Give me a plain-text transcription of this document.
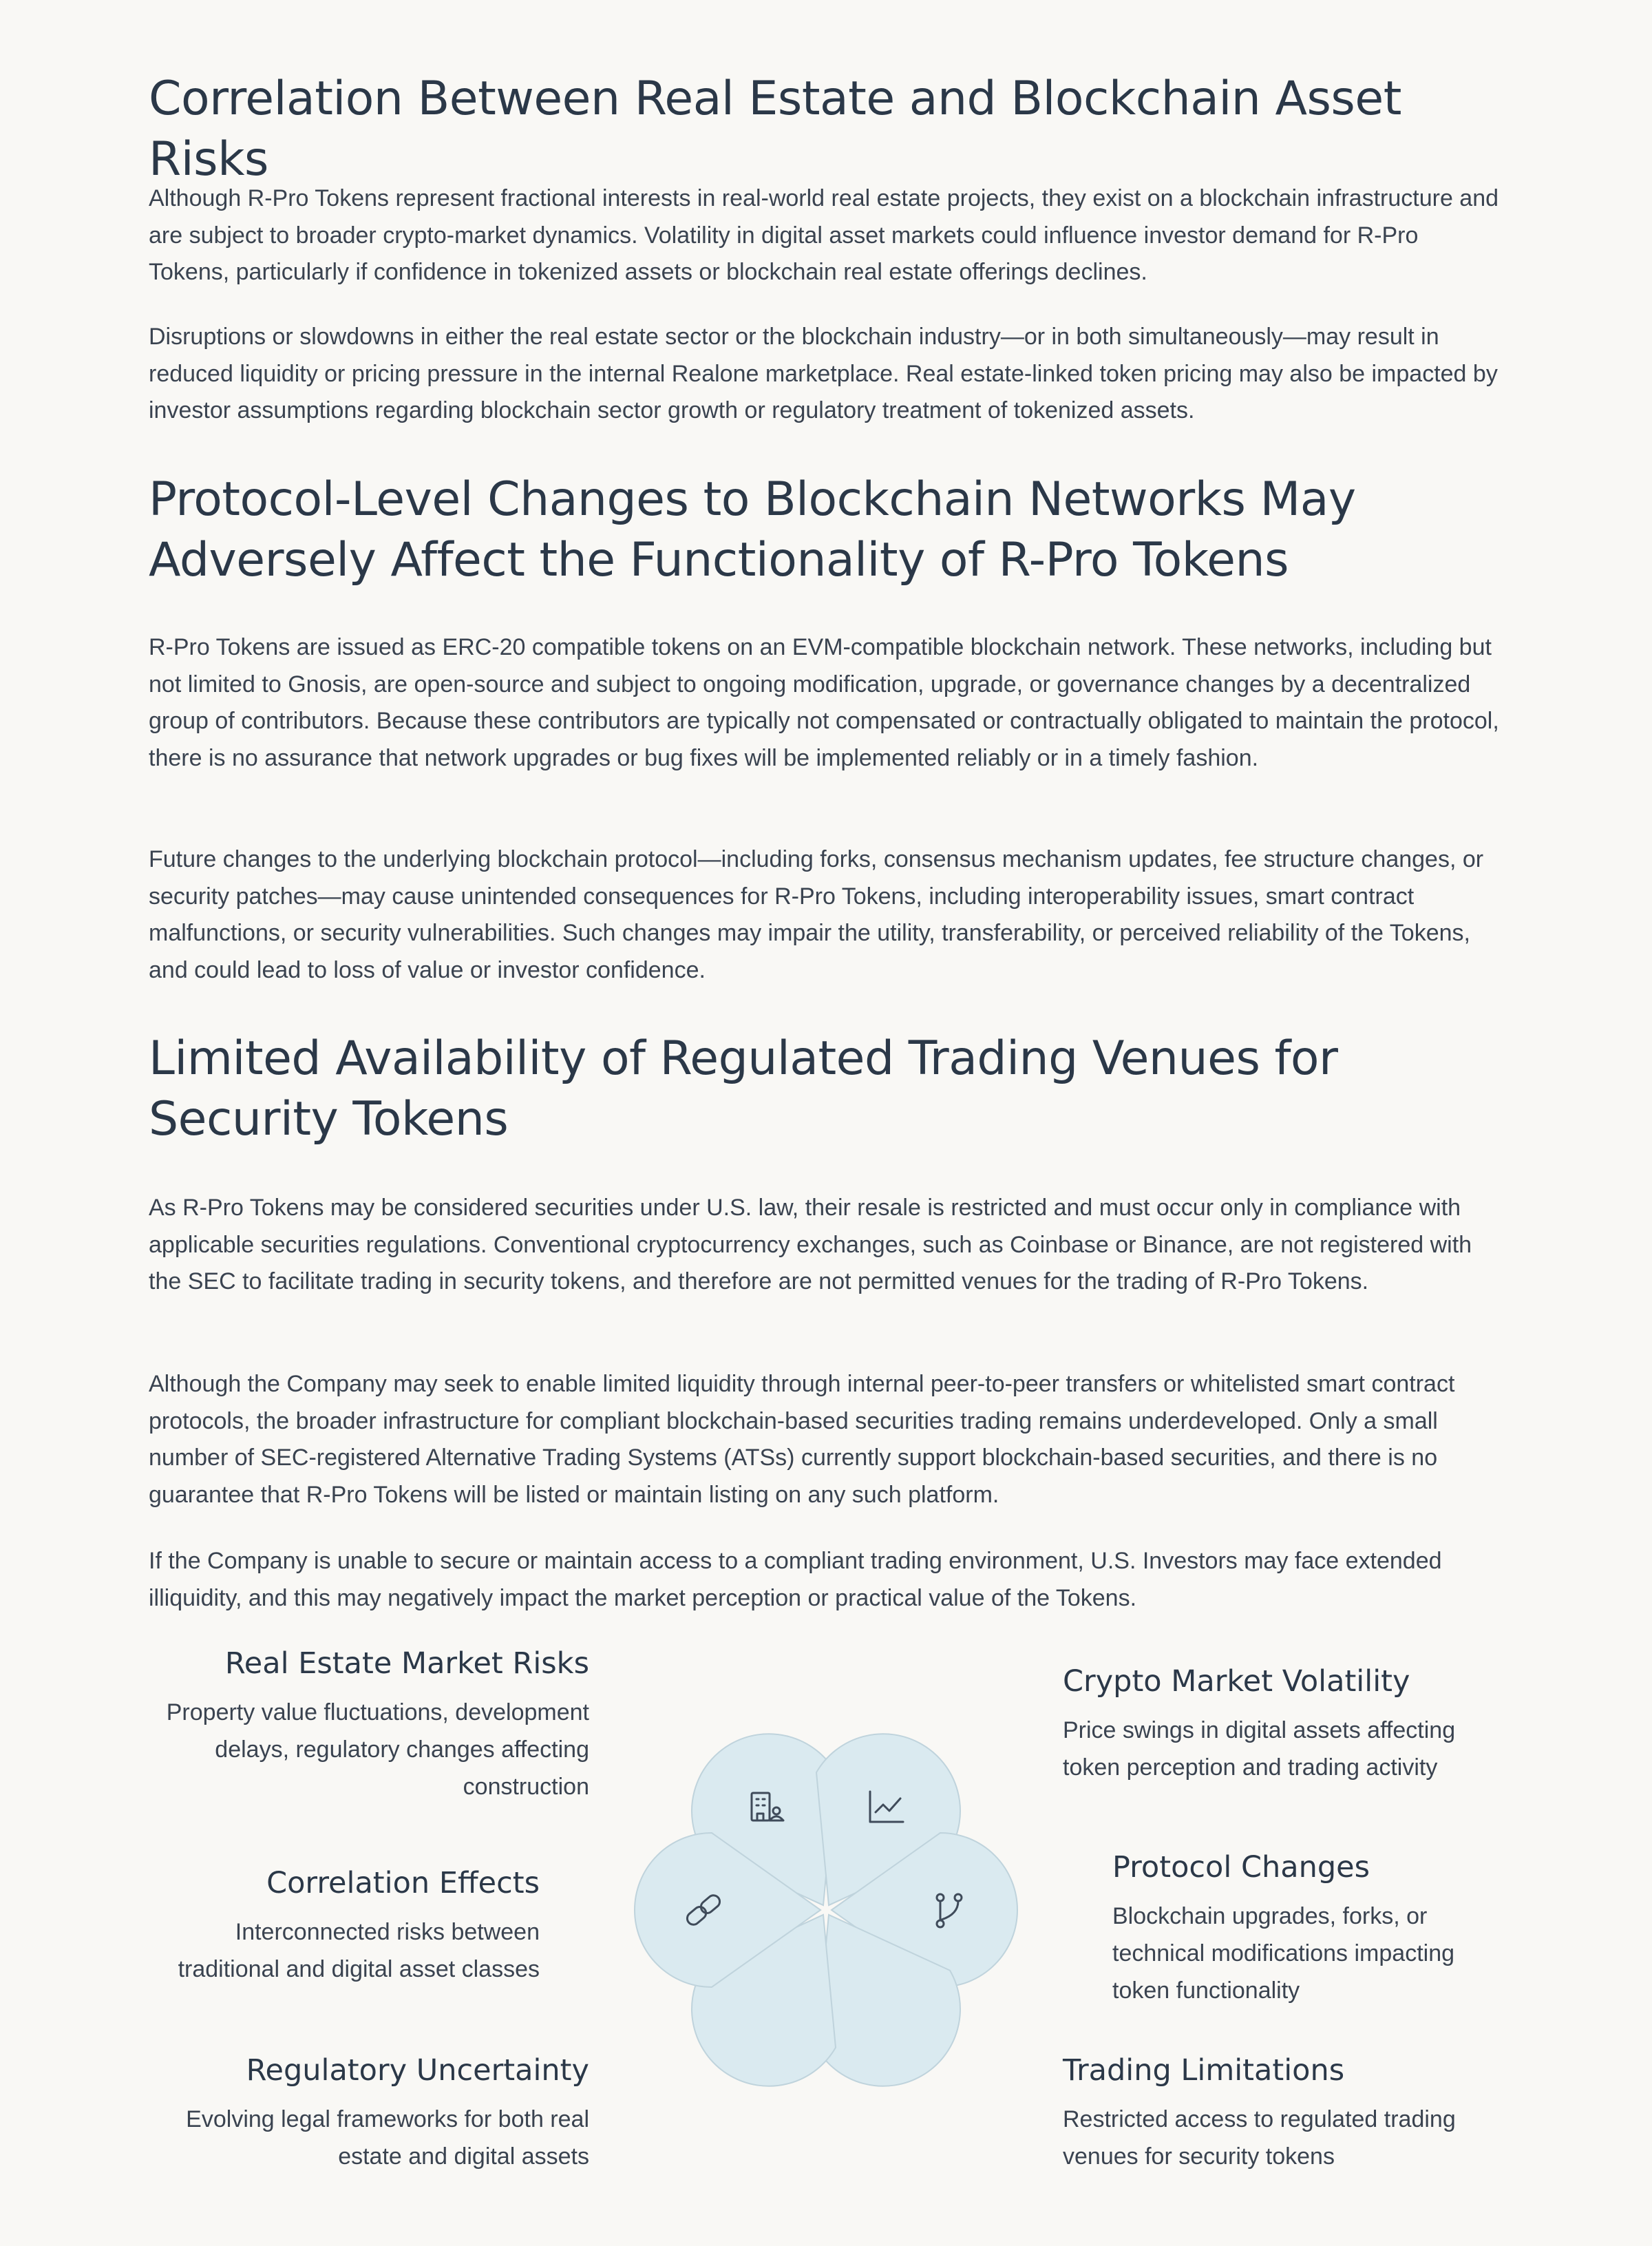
Correlation Between Real Estate and Blockchain Asset Risks

Although R-Pro Tokens represent fractional interests in real-world real estate projects, they exist on a blockchain infrastructure and are subject to broader crypto-market dynamics. Volatility in digital asset markets could influence investor demand for R-Pro Tokens, particularly if confidence in tokenized assets or blockchain real estate offerings declines.

Disruptions or slowdowns in either the real estate sector or the blockchain industry—or in both simultaneously—may result in reduced liquidity or pricing pressure in the internal Realone marketplace. Real estate-linked token pricing may also be impacted by investor assumptions regarding blockchain sector growth or regulatory treatment of tokenized assets.

Protocol-Level Changes to Blockchain Networks May Adversely Affect the Functionality of R-Pro Tokens

R-Pro Tokens are issued as ERC-20 compatible tokens on an EVM-compatible blockchain network. These networks, including but not limited to Gnosis, are open-source and subject to ongoing modification, upgrade, or governance changes by a decentralized group of contributors. Because these contributors are typically not compensated or contractually obligated to maintain the protocol, there is no assurance that network upgrades or bug fixes will be implemented reliably or in a timely fashion.

Future changes to the underlying blockchain protocol—including forks, consensus mechanism updates, fee structure changes, or security patches—may cause unintended consequences for R-Pro Tokens, including interoperability issues, smart contract malfunctions, or security vulnerabilities. Such changes may impair the utility, transferability, or perceived reliability of the Tokens, and could lead to loss of value or investor confidence.

Limited Availability of Regulated Trading Venues for Security Tokens

As R-Pro Tokens may be considered securities under U.S. law, their resale is restricted and must occur only in compliance with applicable securities regulations. Conventional cryptocurrency exchanges, such as Coinbase or Binance, are not registered with the SEC to facilitate trading in security tokens, and therefore are not permitted venues for the trading of R-Pro Tokens.

Although the Company may seek to enable limited liquidity through internal peer-to-peer transfers or whitelisted smart contract protocols, the broader infrastructure for compliant blockchain-based securities trading remains underdeveloped. Only a small number of SEC-registered Alternative Trading Systems (ATSs) currently support blockchain-based securities, and there is no guarantee that R-Pro Tokens will be listed or maintain listing on any such platform.

If the Company is unable to secure or maintain access to a compliant trading environment, U.S. Investors may face extended illiquidity, and this may negatively impact the market perception or practical value of the Tokens.

Real Estate Market Risks

Property value fluctuations, development delays, regulatory changes affecting construction

Crypto Market Volatility

Price swings in digital assets affecting token perception and trading activity

Correlation Effects

Interconnected risks between traditional and digital asset classes

Protocol Changes

Blockchain upgrades, forks, or technical modifications impacting token functionality

Regulatory Uncertainty

Evolving legal frameworks for both real estate and digital assets

Trading Limitations

Restricted access to regulated trading venues for security tokens
